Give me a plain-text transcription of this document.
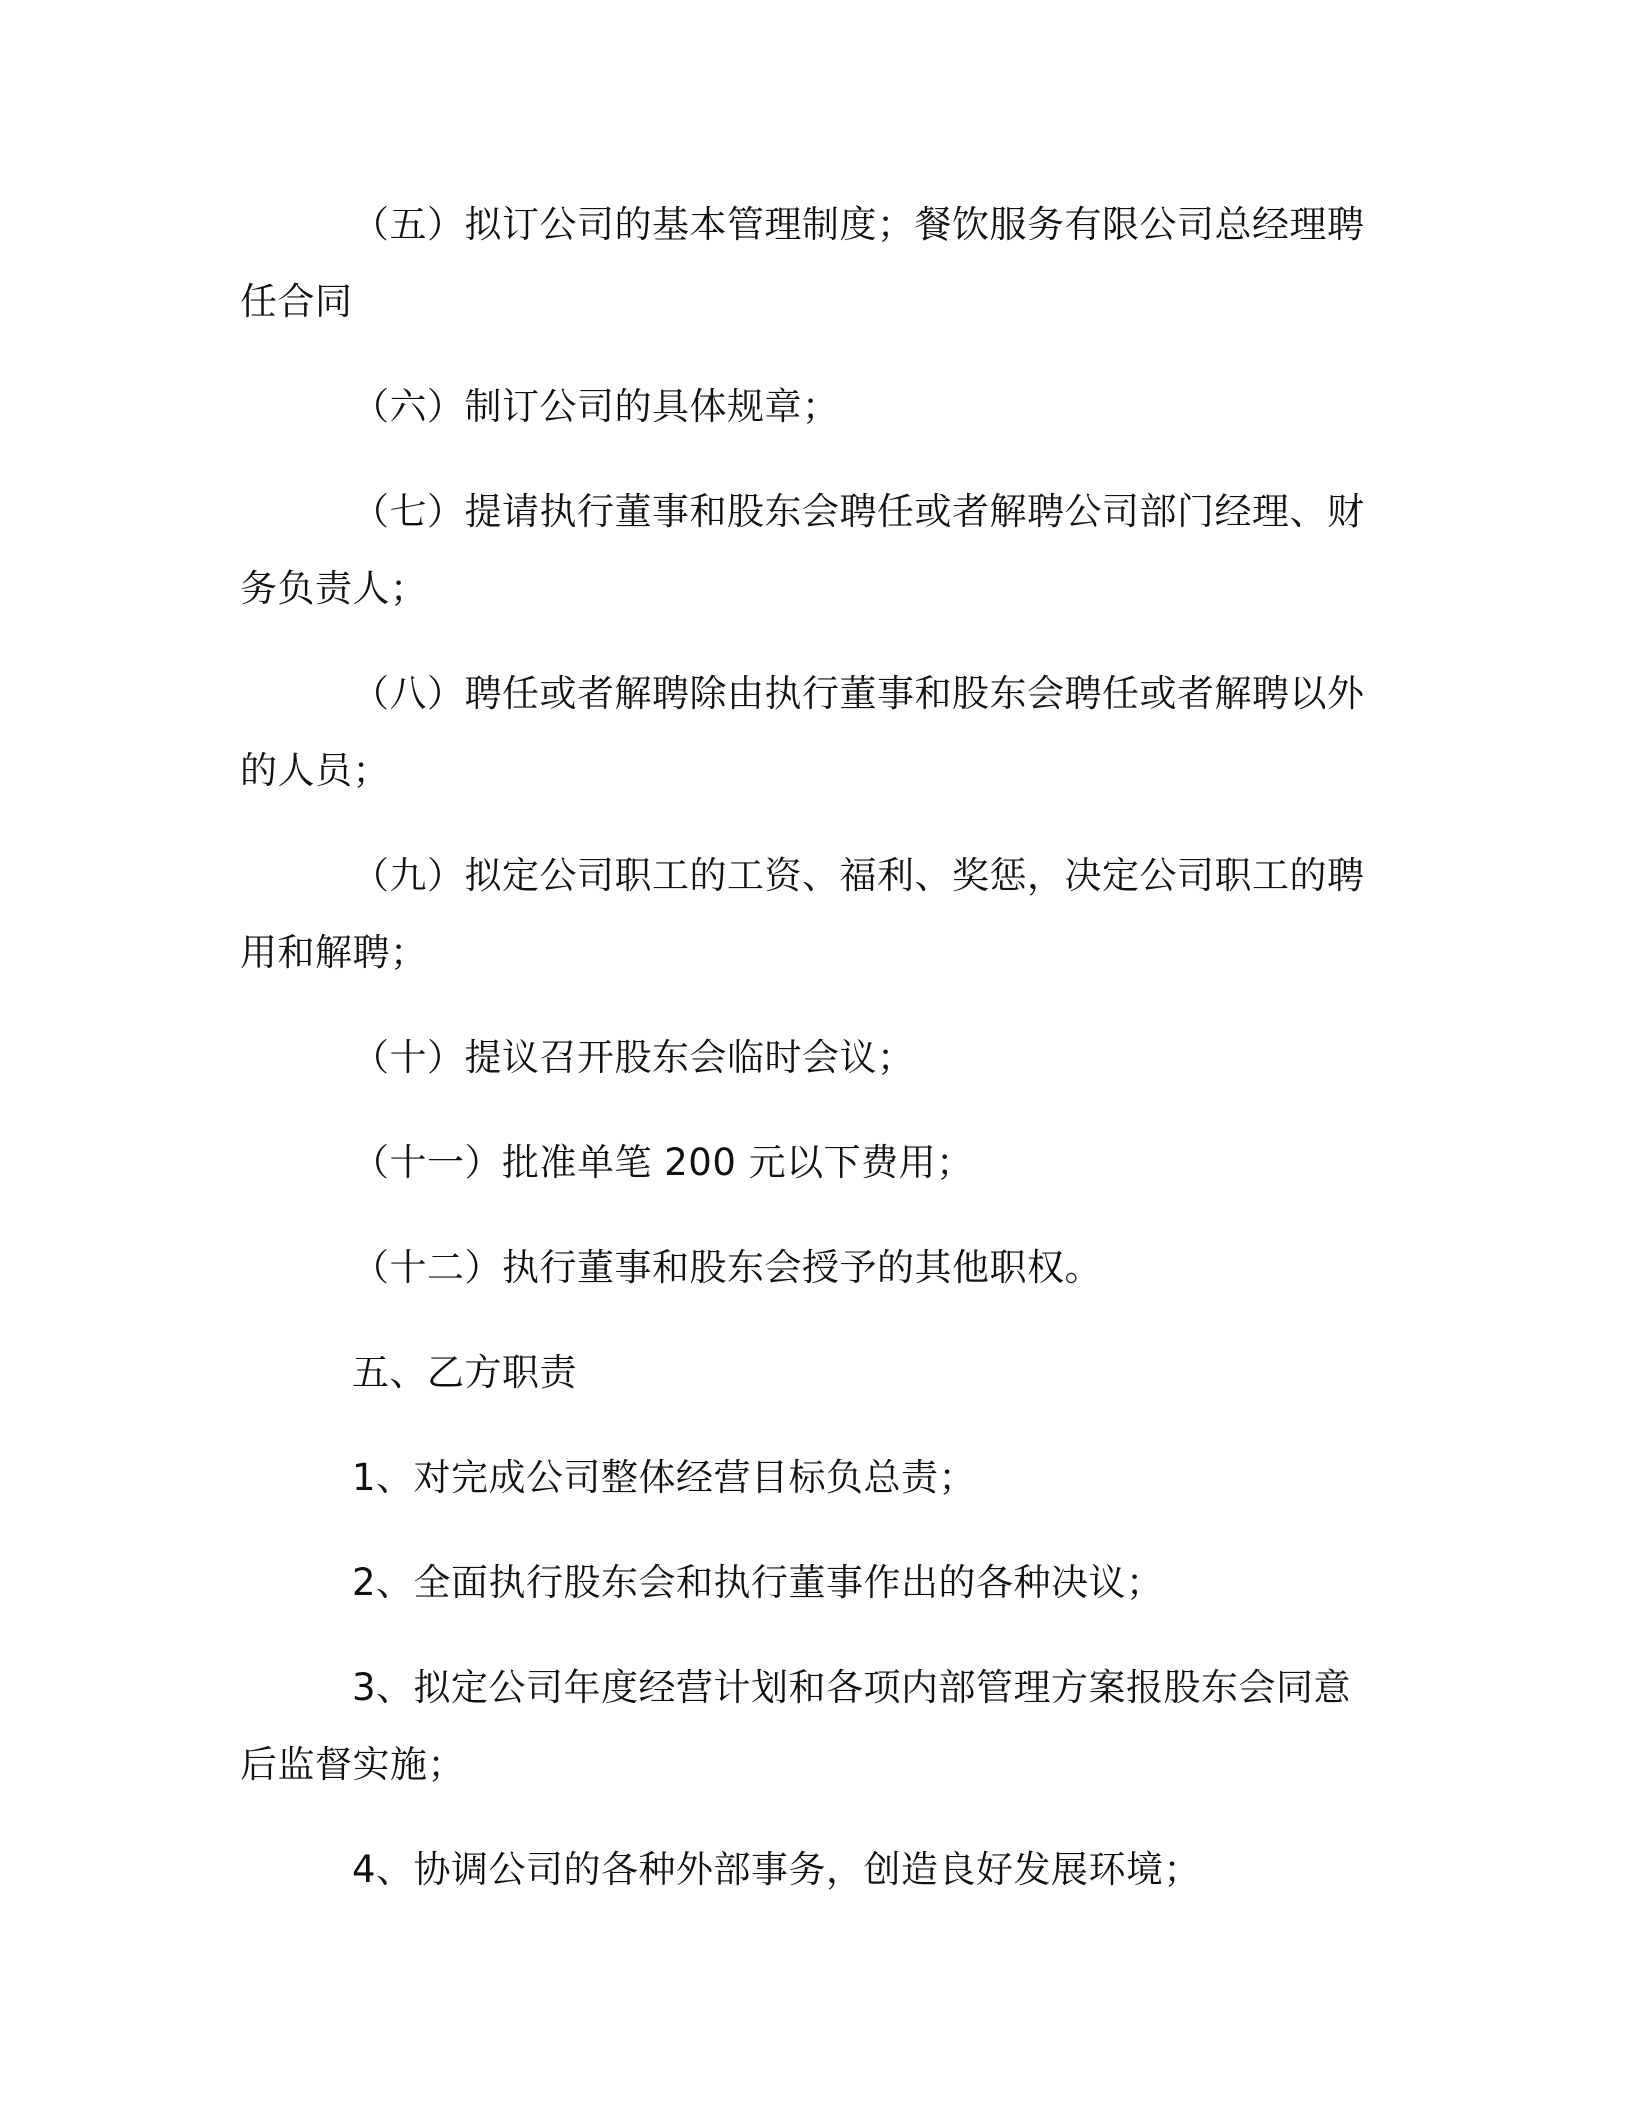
（五）拟订公司的基本管理制度；餐饮服务有限公司总经理聘任合同

（六）制订公司的具体规章；

（七）提请执行董事和股东会聘任或者解聘公司部门经理、财务负责人；

（八）聘任或者解聘除由执行董事和股东会聘任或者解聘以外的人员；

（九）拟定公司职工的工资、福利、奖惩，决定公司职工的聘用和解聘；

（十）提议召开股东会临时会议；

（十一）批准单笔 200 元以下费用；

（十二）执行董事和股东会授予的其他职权。

五、乙方职责

1、对完成公司整体经营目标负总责；

2、全面执行股东会和执行董事作出的各种决议；

3、拟定公司年度经营计划和各项内部管理方案报股东会同意后监督实施；

4、协调公司的各种外部事务，创造良好发展环境；
